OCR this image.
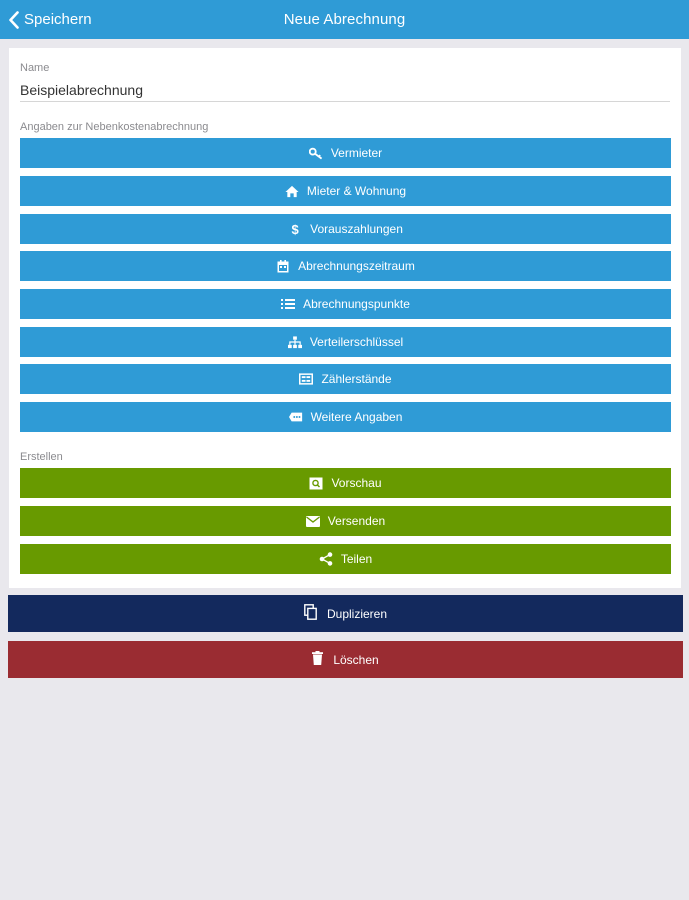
Speichern	Neue Abrechnung
Name
Beispielabrechnung
Angaben zur Nebenkostenabrechnung
Vermieter
Mieter & Wohnung
$ Vorauszahlungen
Abrechnungszeitraum
Abrechnungspunkte
Verteilerschlüssel
Zählerstände
Weitere Angaben
Erstellen
Vorschau
Versenden
Teilen
Duplizieren
Löschen
